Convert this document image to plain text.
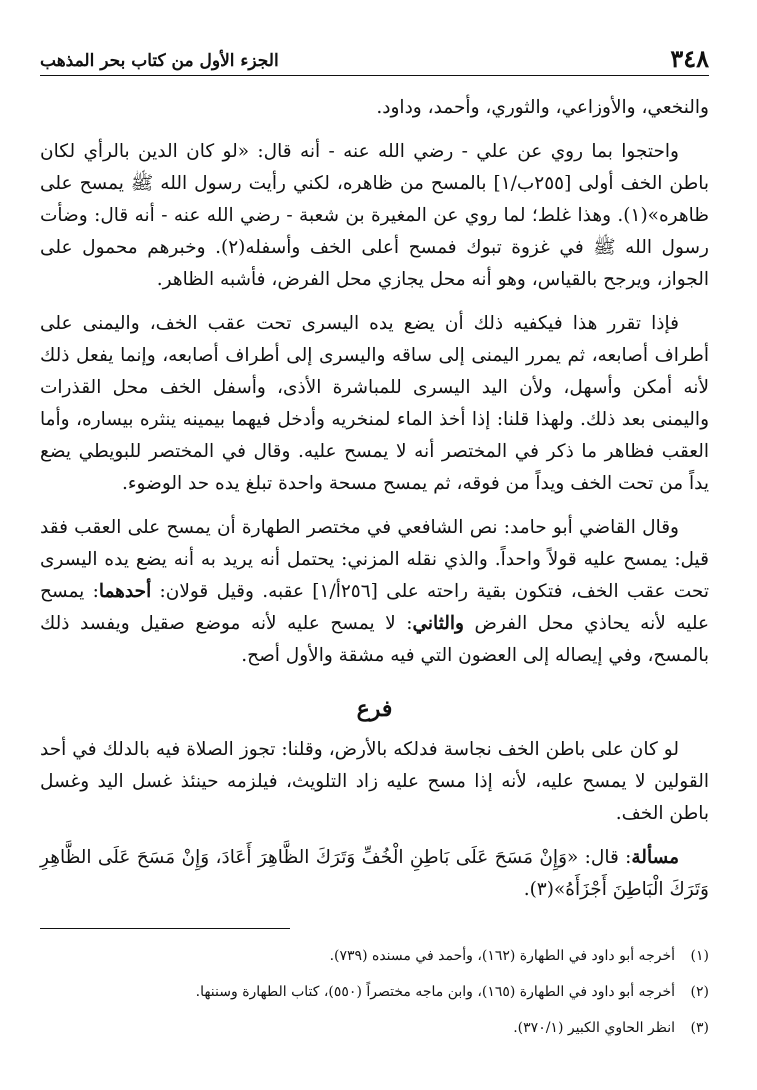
٣٤٨
الجزء الأول من كتاب بحر المذهب

والنخعي، والأوزاعي، والثوري، وأحمد، وداود.

واحتجوا بما روي عن علي - رضي الله عنه - أنه قال: «لو كان الدين بالرأي لكان باطن الخف أولى [٢٥٥ب/١] بالمسح من ظاهره، لكني رأيت رسول الله ﷺ يمسح على ظاهره»(١). وهذا غلط؛ لما روي عن المغيرة بن شعبة - رضي الله عنه - أنه قال: وضأت رسول الله ﷺ في غزوة تبوك فمسح أعلى الخف وأسفله(٢). وخبرهم محمول على الجواز، ويرجح بالقياس، وهو أنه محل يجازي محل الفرض، فأشبه الظاهر.

فإذا تقرر هذا فيكفيه ذلك أن يضع يده اليسرى تحت عقب الخف، واليمنى على أطراف أصابعه، ثم يمرر اليمنى إلى ساقه واليسرى إلى أطراف أصابعه، وإنما يفعل ذلك لأنه أمكن وأسهل، ولأن اليد اليسرى للمباشرة الأذى، وأسفل الخف محل القذرات واليمنى بعد ذلك. ولهذا قلنا: إذا أخذ الماء لمنخريه وأدخل فيهما بيمينه ينثره بيساره، وأما العقب فظاهر ما ذكر في المختصر أنه لا يمسح عليه. وقال في المختصر للبويطي يضع يداً من تحت الخف ويداً من فوقه، ثم يمسح مسحة واحدة تبلغ يده حد الوضوء.

وقال القاضي أبو حامد: نص الشافعي في مختصر الطهارة أن يمسح على العقب فقد قيل: يمسح عليه قولاً واحداً. والذي نقله المزني: يحتمل أنه يريد به أنه يضع يده اليسرى تحت عقب الخف، فتكون بقية راحته على [٢٥٦أ/١] عقبه. وقيل قولان: أحدهما: يمسح عليه لأنه يحاذي محل الفرض والثاني: لا يمسح عليه لأنه موضع صقيل ويفسد ذلك بالمسح، وفي إيصاله إلى العضون التي فيه مشقة والأول أصح.

فرع

لو كان على باطن الخف نجاسة فدلكه بالأرض، وقلنا: تجوز الصلاة فيه بالدلك في أحد القولين لا يمسح عليه، لأنه إذا مسح عليه زاد التلويث، فيلزمه حينئذ غسل اليد وغسل باطن الخف.

مسألة: قال: «وَإِنْ مَسَحَ عَلَى بَاطِنِ الْخُفِّ وَتَرَكَ الظَّاهِرَ أَعَادَ، وَإِنْ مَسَحَ عَلَى الظَّاهِرِ وَتَرَكَ الْبَاطِنَ أَجْزَأَهُ»(٣).

(١)
أخرجه أبو داود في الطهارة (١٦٢)، وأحمد في مسنده (٧٣٩).
(٢)
أخرجه أبو داود في الطهارة (١٦٥)، وابن ماجه مختصراً (٥٥٠)، كتاب الطهارة وسننها.
(٣)
انظر الحاوي الكبير (٣٧٠/١).
